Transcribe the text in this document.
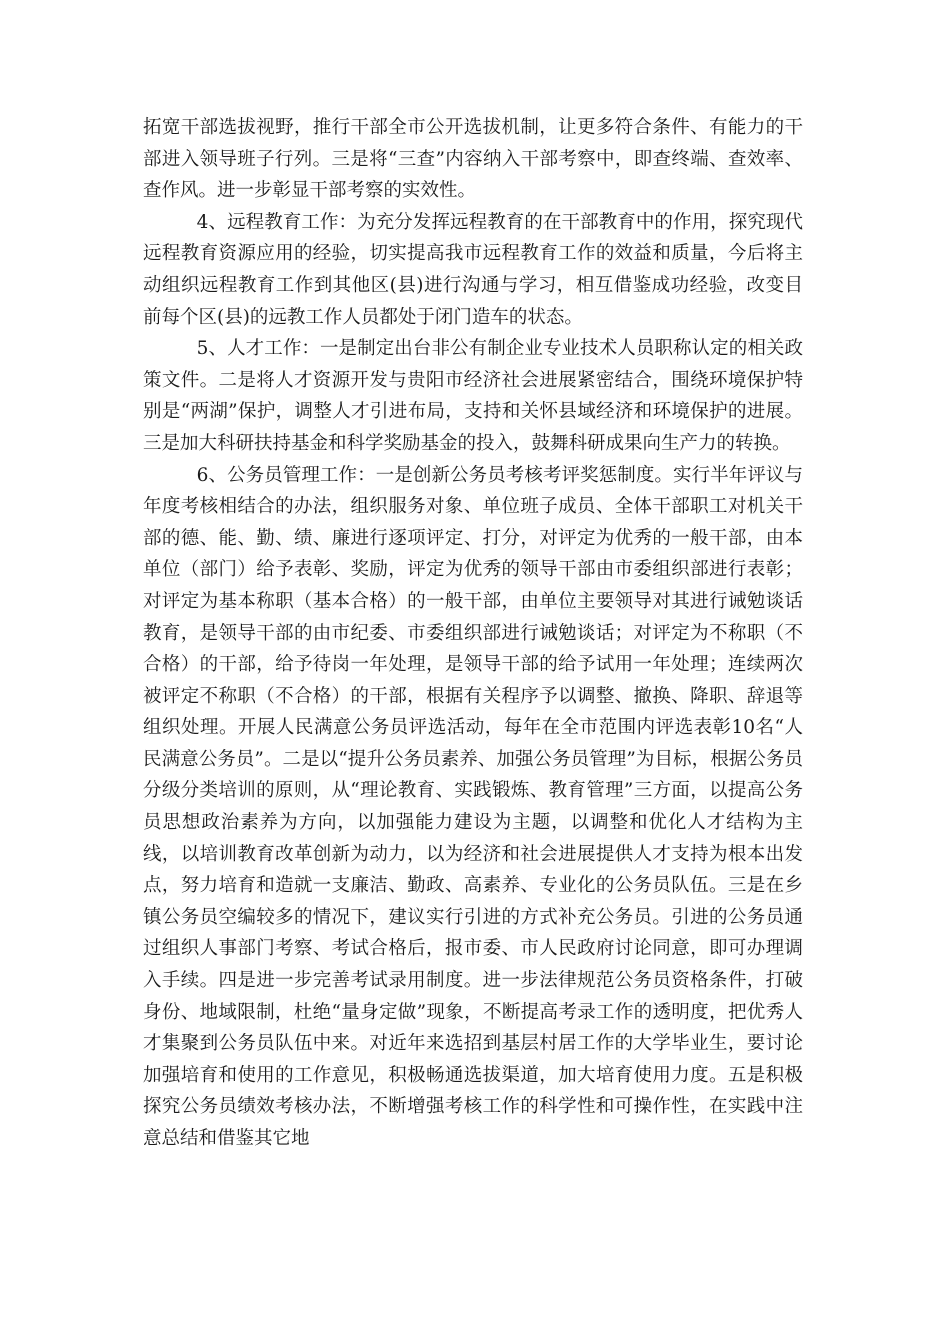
拓宽干部选拔视野，推行干部全市公开选拔机制，让更多符合条件、有能力的干部进入领导班子行列。三是将“三查”内容纳入干部考察中，即查终端、查效率、查作风。进一步彰显干部考察的实效性。

4、远程教育工作：为充分发挥远程教育的在干部教育中的作用，探究现代远程教育资源应用的经验，切实提高我市远程教育工作的效益和质量，今后将主动组织远程教育工作到其他区(县)进行沟通与学习，相互借鉴成功经验，改变目前每个区(县)的远教工作人员都处于闭门造车的状态。

5、人才工作：一是制定出台非公有制企业专业技术人员职称认定的相关政策文件。二是将人才资源开发与贵阳市经济社会进展紧密结合，围绕环境保护特别是“两湖”保护，调整人才引进布局，支持和关怀县域经济和环境保护的进展。三是加大科研扶持基金和科学奖励基金的投入，鼓舞科研成果向生产力的转换。

6、公务员管理工作：一是创新公务员考核考评奖惩制度。实行半年评议与年度考核相结合的办法，组织服务对象、单位班子成员、全体干部职工对机关干部的德、能、勤、绩、廉进行逐项评定、打分，对评定为优秀的一般干部，由本单位（部门）给予表彰、奖励，评定为优秀的领导干部由市委组织部进行表彰；对评定为基本称职（基本合格）的一般干部，由单位主要领导对其进行诫勉谈话教育，是领导干部的由市纪委、市委组织部进行诫勉谈话；对评定为不称职（不合格）的干部，给予待岗一年处理，是领导干部的给予试用一年处理；连续两次被评定不称职（不合格）的干部，根据有关程序予以调整、撤换、降职、辞退等组织处理。开展人民满意公务员评选活动，每年在全市范围内评选表彰10名“人民满意公务员”。二是以“提升公务员素养、加强公务员管理”为目标，根据公务员分级分类培训的原则，从“理论教育、实践锻炼、教育管理”三方面，以提高公务员思想政治素养为方向，以加强能力建设为主题，以调整和优化人才结构为主线，以培训教育改革创新为动力，以为经济和社会进展提供人才支持为根本出发点，努力培育和造就一支廉洁、勤政、高素养、专业化的公务员队伍。三是在乡镇公务员空编较多的情况下，建议实行引进的方式补充公务员。引进的公务员通过组织人事部门考察、考试合格后，报市委、市人民政府讨论同意，即可办理调入手续。四是进一步完善考试录用制度。进一步法律规范公务员资格条件，打破身份、地域限制，杜绝“量身定做”现象，不断提高考录工作的透明度，把优秀人才集聚到公务员队伍中来。对近年来选招到基层村居工作的大学毕业生，要讨论加强培育和使用的工作意见，积极畅通选拔渠道，加大培育使用力度。五是积极探究公务员绩效考核办法，不断增强考核工作的科学性和可操作性，在实践中注意总结和借鉴其它地
